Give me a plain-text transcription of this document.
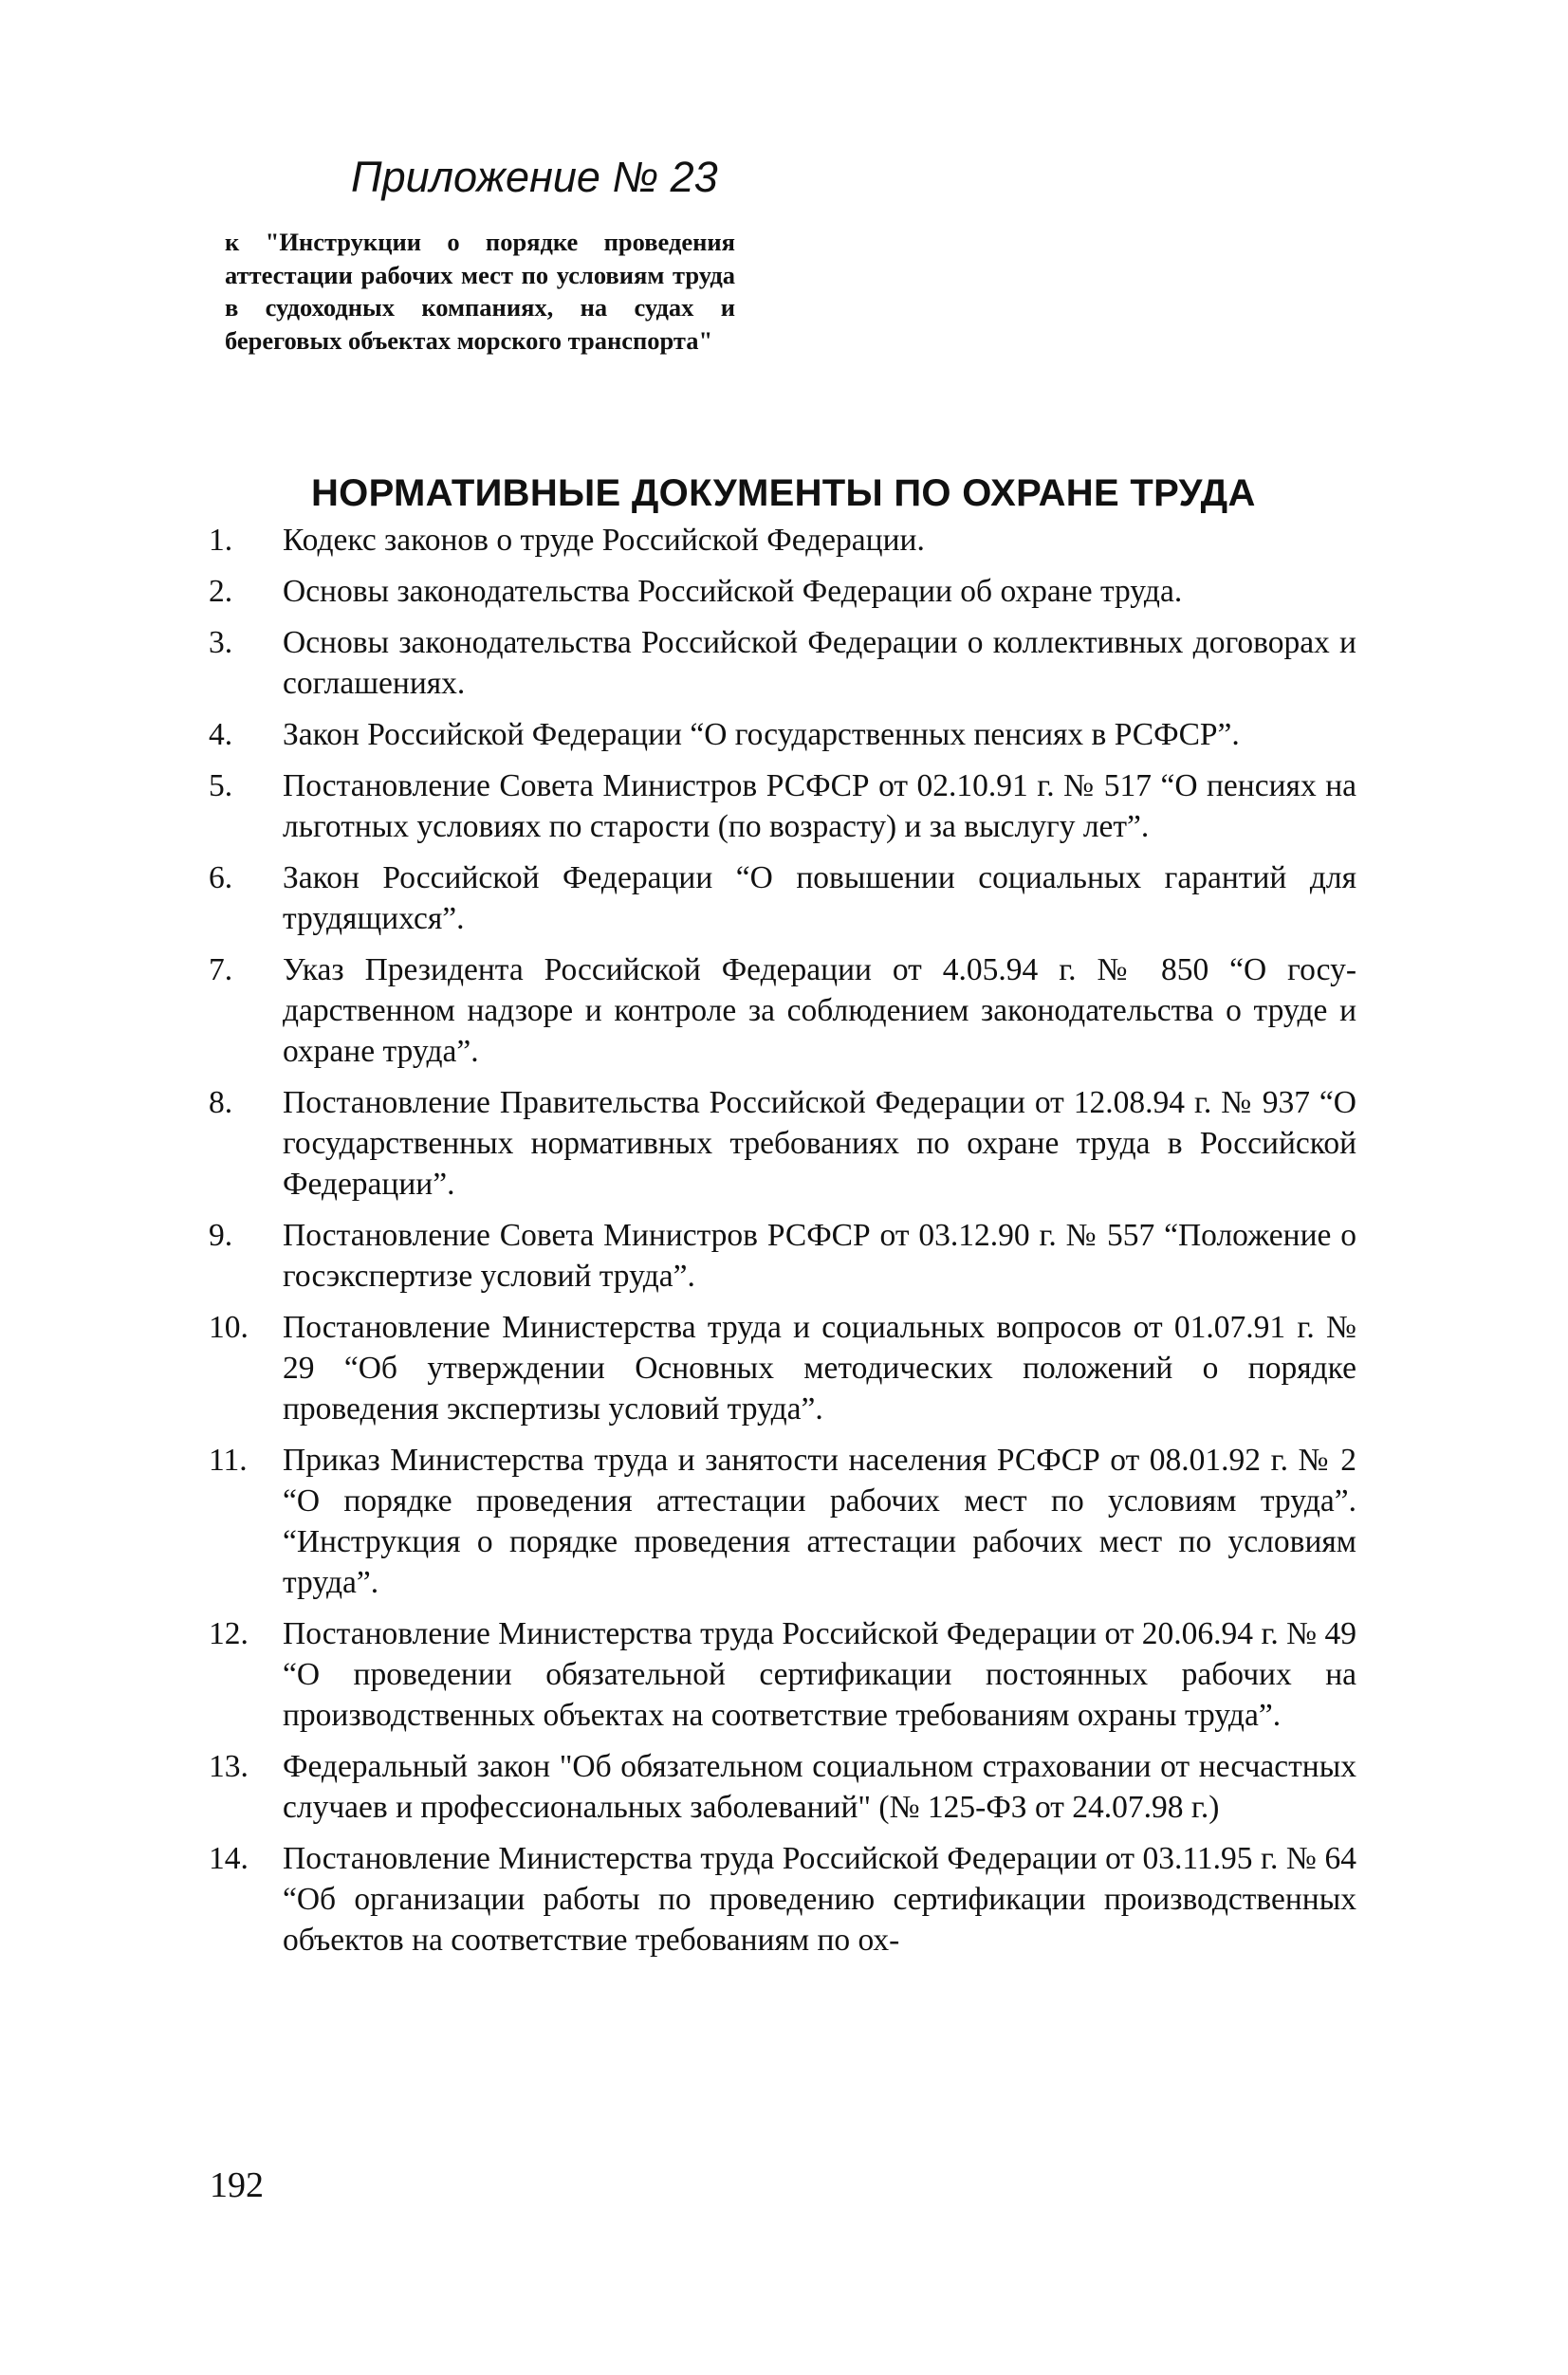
Приложение № 23

к "Инструкции о порядке проведения аттестации рабочих мест по условиям труда в судоходных компаниях, на судах и береговых объектах морского транспорта"

НОРМАТИВНЫЕ ДОКУМЕНТЫ ПО ОХРАНЕ ТРУДА
1.	Кодекс законов о труде Российской Федерации.
2.	Основы законодательства Российской Федерации об охране труда.
3.	Основы законодательства Российской Федерации о коллективных договорах и соглашениях.
4.	Закон Российской Федерации “О государственных пенсиях в РСФСР”.
5.	Постановление Совета Министров РСФСР от 02.10.91 г. № 517 “О пенсиях на льготных условиях по старости (по возрасту) и за выслугу лет”.
6.	Закон Российской Федерации “О повышении социальных гарантий для трудящихся”.
7.	Указ Президента Российской Федерации от 4.05.94 г. № 850 “О государственном надзоре и контроле за соблюдением законодательства о труде и охране труда”.
8.	Постановление Правительства Российской Федерации от 12.08.94 г. № 937 “О государственных нормативных требованиях по охране труда в Российской Федерации”.
9.	Постановление Совета Министров РСФСР от 03.12.90 г. № 557 “Положение о госэкспертизе условий труда”.
10.	Постановление Министерства труда и социальных вопросов от 01.07.91 г. № 29 “Об утверждении Основных методических положений о порядке проведения экспертизы условий труда”.
11.	Приказ Министерства труда и занятости населения РСФСР от 08.01.92 г. № 2 “О порядке проведения аттестации рабочих мест по условиям труда”. “Инструкция о порядке проведения аттестации рабочих мест по условиям труда”.
12.	Постановление Министерства труда Российской Федерации от 20.06.94 г. № 49 “О проведении обязательной сертификации постоянных рабочих на производственных объектах на соответствие требованиям охраны труда”.
13.	Федеральный закон "Об обязательном социальном страховании от несчастных случаев и профессиональных заболеваний" (№ 125-ФЗ от 24.07.98 г.)
14.	Постановление Министерства труда Российской Федерации от 03.11.95 г. № 64 “Об организации работы по проведению сертификации производственных объектов на соответствие требованиям по ох-
192
